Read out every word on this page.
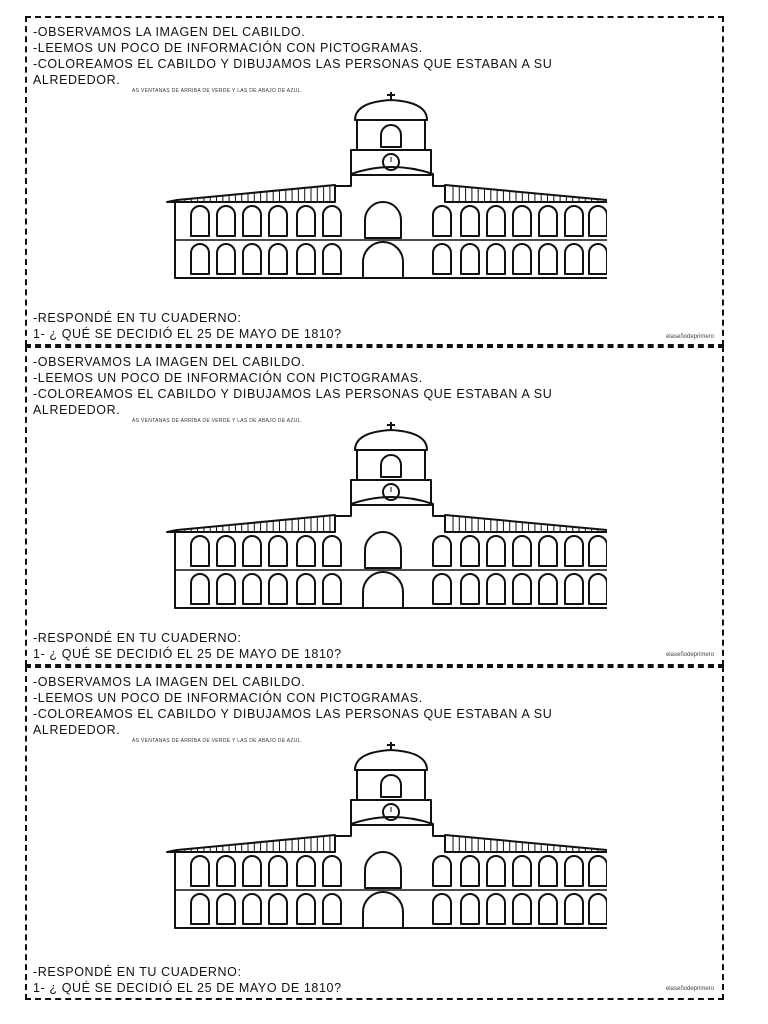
-OBSERVAMOS LA IMAGEN DEL CABILDO.
-LEEMOS UN POCO DE INFORMACIÓN CON PICTOGRAMAS.
-COLOREAMOS EL CABILDO Y DIBUJAMOS LAS PERSONAS QUE ESTABAN A SU
ALREDEDOR.
AS VENTANAS DE ARRIBA DE VERDE Y LAS DE ABAJO DE AZUL.
-RESPONDÉ EN TU CUADERNO:
1- ¿ QUÉ SE DECIDIÓ EL 25 DE MAYO DE 1810?	elaseñodeprimero
-OBSERVAMOS LA IMAGEN DEL CABILDO.
-LEEMOS UN POCO DE INFORMACIÓN CON PICTOGRAMAS.
-COLOREAMOS EL CABILDO Y DIBUJAMOS LAS PERSONAS QUE ESTABAN A SU
ALREDEDOR.
AS VENTANAS DE ARRIBA DE VERDE Y LAS DE ABAJO DE AZUL.
-RESPONDÉ EN TU CUADERNO:
1- ¿ QUÉ SE DECIDIÓ EL 25 DE MAYO DE 1810?	elaseñodeprimero
-OBSERVAMOS LA IMAGEN DEL CABILDO.
-LEEMOS UN POCO DE INFORMACIÓN CON PICTOGRAMAS.
-COLOREAMOS EL CABILDO Y DIBUJAMOS LAS PERSONAS QUE ESTABAN A SU
ALREDEDOR.
AS VENTANAS DE ARRIBA DE VERDE Y LAS DE ABAJO DE AZUL.
-RESPONDÉ EN TU CUADERNO:
1- ¿ QUÉ SE DECIDIÓ EL 25 DE MAYO DE 1810?	elaseñodeprimero
